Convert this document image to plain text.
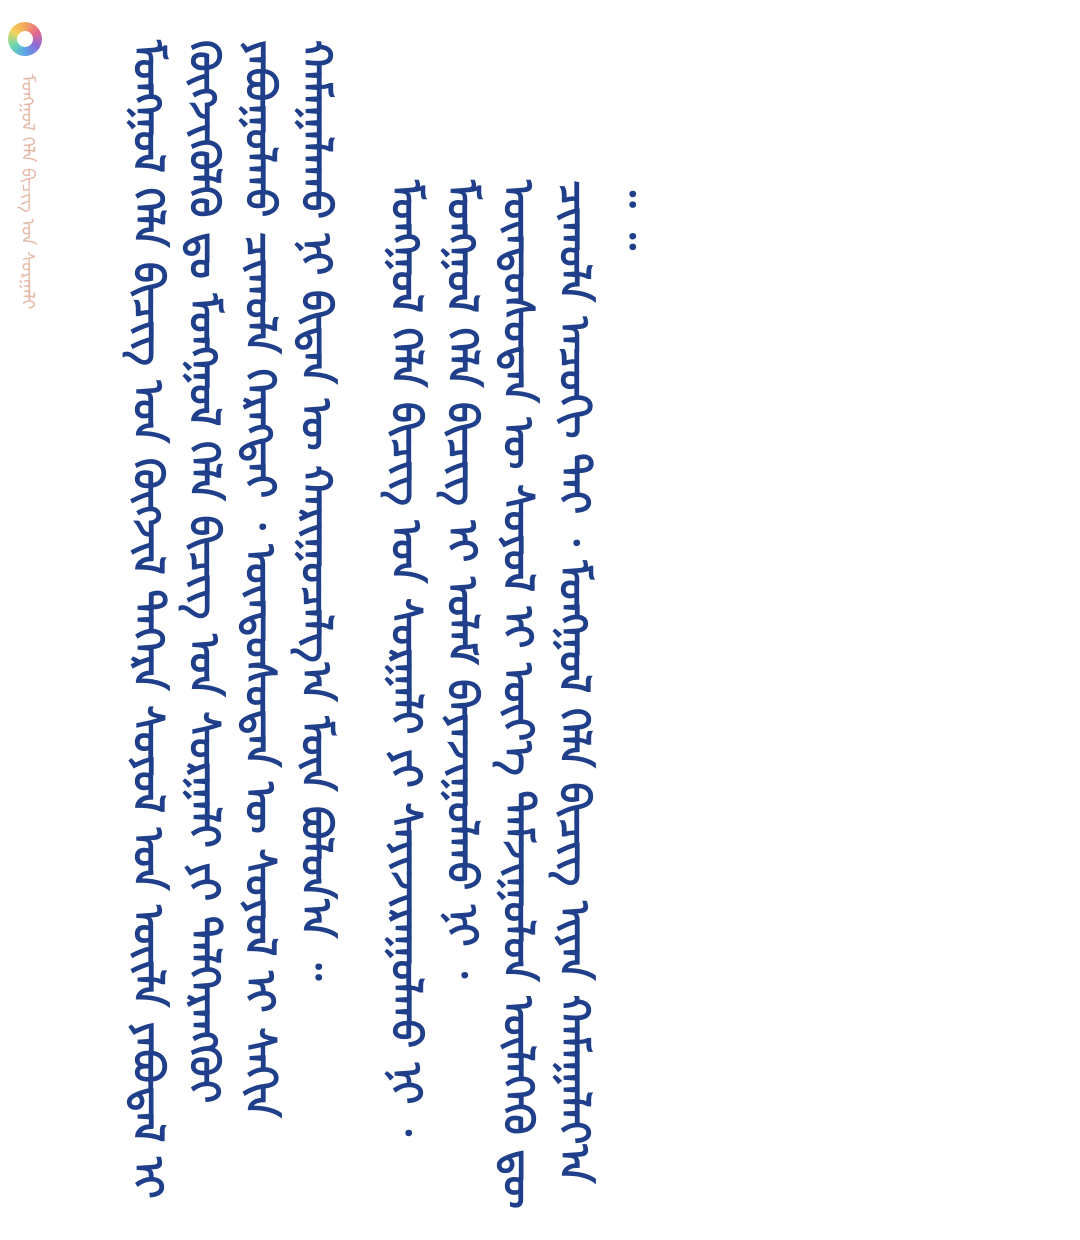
ᠮᠣᠩᠭᠣᠯ ᠬᠡᠯᠡ ᠪᠢᠴᠢᠭ ᠤᠨ ᠰᠤᠷᠭᠠᠯᠢ ᠮᠣᠩᠭᠣᠯ ᠬᠡᠯᠡ ᠪᠢᠴᠢᠭ ᠤᠨ ᠬᠥᠭᠵᠢᠯ ᠳᠡᠭᠡᠷᠡ ᠰᠣᠶᠣᠯ ᠤᠨ ᠦᠢᠯᠡ ᠶᠠᠪᠤᠳᠠᠯ ᠢ ᠬᠥᠭᠵᠢᠭᠦᠯᠬᠦ ᠳᠤ ᠮᠣᠩᠭᠣᠯ ᠬᠡᠯᠡ ᠪᠢᠴᠢᠭ ᠤᠨ ᠰᠤᠷᠭᠠᠯᠢ ᠶᠢ ᠳᠡᠯᠭᠡᠷᠡᠩᠭᠦᠢ ᠶᠠᠪᠤᠭᠤᠯᠬᠤ ᠴᠢᠬᠤᠯᠠ ᠬᠡᠷᠡᠭᠲᠡᠢ ᠂ ᠦᠨᠳᠦᠰᠦᠲᠡᠨ ᠦ ᠰᠣᠶᠣᠯ ᠢ ᠰᠠᠬᠢᠨ ᠬᠠᠮᠠᠭᠠᠯᠠᠬᠤ ᠨᠢ ᠪᠢᠳᠡᠨ ᠦ ᠬᠠᠷᠢᠭᠤᠴᠠᠯᠭ᠎ᠠ ᠮᠥᠨ ᠪᠣᠯᠤᠨ᠎ᠠ ᠃ ᠮᠣᠩᠭᠣᠯ ᠬᠡᠯᠡ ᠪᠢᠴᠢᠭ ᠤᠨ ᠰᠤᠷᠭᠠᠯᠢ ᠶᠢ ᠰᠠᠶᠢᠵᠢᠷᠠᠭᠤᠯᠬᠤ ᠨᠢ ᠂ ᠮᠣᠩᠭᠣᠯ ᠬᠡᠯᠡ ᠪᠢᠴᠢᠭ ᠢ ᠤᠯᠠᠮ ᠪᠠᠶᠠᠵᠢᠭᠤᠯᠬᠤ ᠨᠢ ᠂ ᠦᠨᠳᠦᠰᠦᠲᠡᠨ ᠦ ᠰᠣᠶᠣᠯ ᠢ ᠦᠶ᠎ᠡ ᠳᠠᠮᠵᠢᠭᠤᠯᠤᠨ ᠦᠯᠡᠭᠡᠬᠦ ᠳᠦ ᠴᠢᠬᠤᠯᠠ ᠠᠴᠤᠬᠢ ᠲᠠᠢ ᠂ ᠮᠣᠩᠭᠣᠯ ᠬᠡᠯᠡ ᠪᠢᠴᠢᠭ ᠢᠶᠡᠨ ᠬᠠᠮᠠᠭᠠᠯᠠᠶ᠎ᠠ ᠃ ᠃
